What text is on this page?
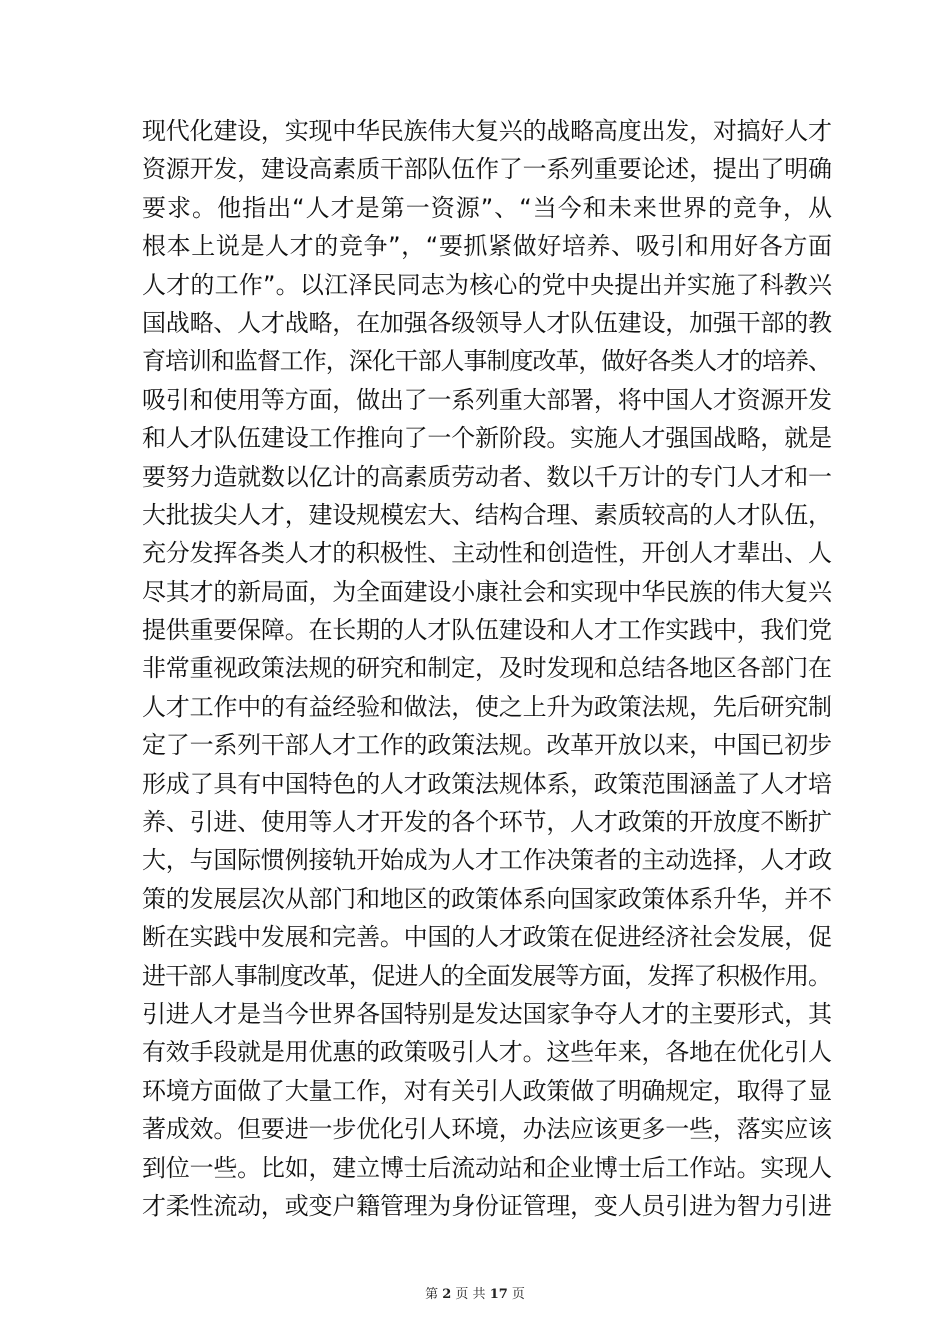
现代化建设，实现中华民族伟大复兴的战略高度出发，对搞好人才
资源开发，建设高素质干部队伍作了一系列重要论述，提出了明确
要求。他指出“人才是第一资源”、“当今和未来世界的竞争，从
根本上说是人才的竞争”，“要抓紧做好培养、吸引和用好各方面
人才的工作”。以江泽民同志为核心的党中央提出并实施了科教兴
国战略、人才战略，在加强各级领导人才队伍建设，加强干部的教
育培训和监督工作，深化干部人事制度改革，做好各类人才的培养、
吸引和使用等方面，做出了一系列重大部署，将中国人才资源开发
和人才队伍建设工作推向了一个新阶段。实施人才强国战略，就是
要努力造就数以亿计的高素质劳动者、数以千万计的专门人才和一
大批拔尖人才，建设规模宏大、结构合理、素质较高的人才队伍，
充分发挥各类人才的积极性、主动性和创造性，开创人才辈出、人
尽其才的新局面，为全面建设小康社会和实现中华民族的伟大复兴
提供重要保障。在长期的人才队伍建设和人才工作实践中，我们党
非常重视政策法规的研究和制定，及时发现和总结各地区各部门在
人才工作中的有益经验和做法，使之上升为政策法规，先后研究制
定了一系列干部人才工作的政策法规。改革开放以来，中国已初步
形成了具有中国特色的人才政策法规体系，政策范围涵盖了人才培
养、引进、使用等人才开发的各个环节，人才政策的开放度不断扩
大，与国际惯例接轨开始成为人才工作决策者的主动选择，人才政
策的发展层次从部门和地区的政策体系向国家政策体系升华，并不
断在实践中发展和完善。中国的人才政策在促进经济社会发展，促
进干部人事制度改革，促进人的全面发展等方面，发挥了积极作用。
引进人才是当今世界各国特别是发达国家争夺人才的主要形式，其
有效手段就是用优惠的政策吸引人才。这些年来，各地在优化引人
环境方面做了大量工作，对有关引人政策做了明确规定，取得了显
著成效。但要进一步优化引人环境，办法应该更多一些，落实应该
到位一些。比如，建立博士后流动站和企业博士后工作站。实现人
才柔性流动，或变户籍管理为身份证管理，变人员引进为智力引进
第 2 页 共 17 页
